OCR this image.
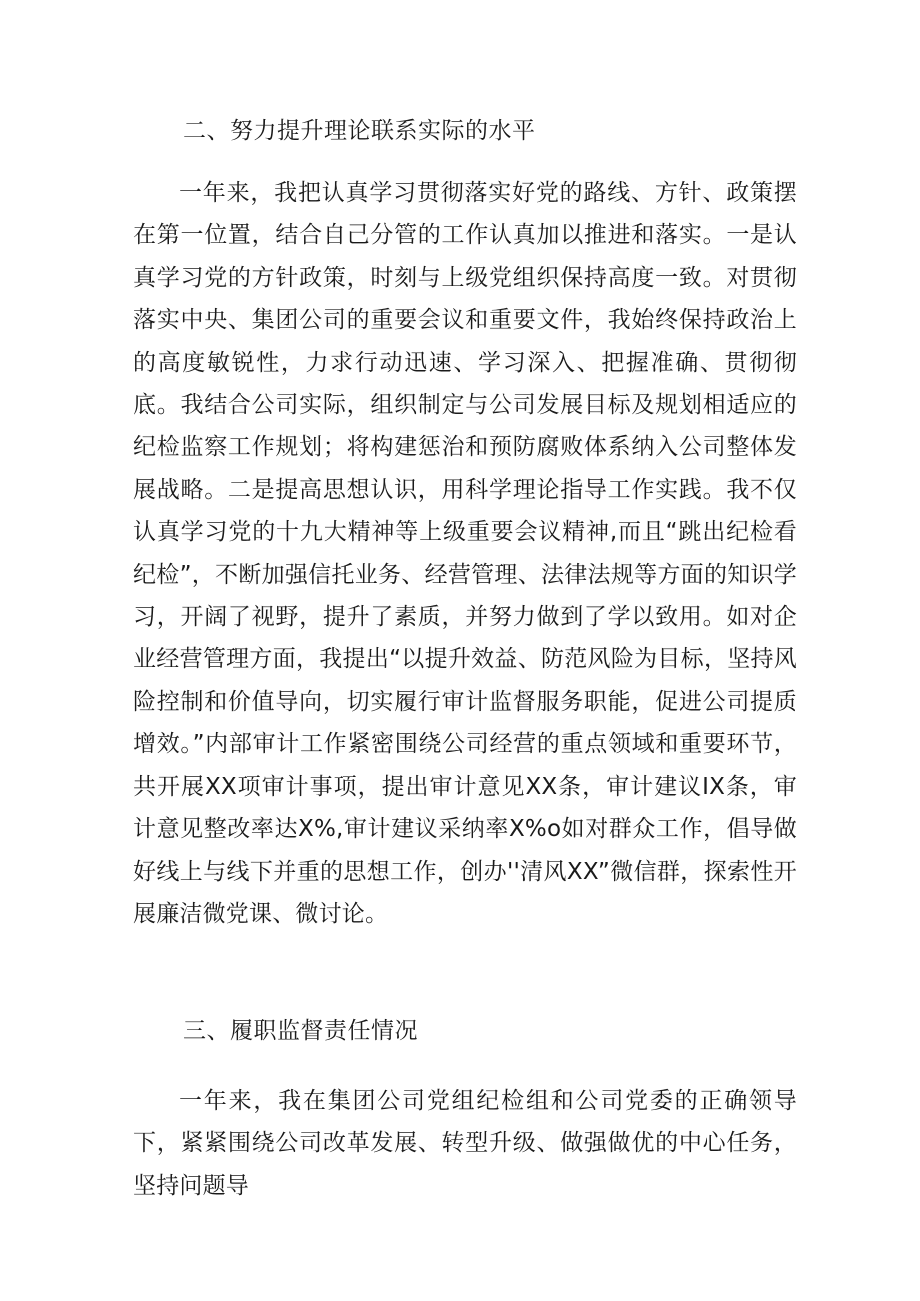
二、努力提升理论联系实际的水平

一年来，我把认真学习贯彻落实好党的路线、方针、政策摆在第一位置，结合自己分管的工作认真加以推进和落实。一是认真学习党的方针政策，时刻与上级党组织保持高度一致。对贯彻落实中央、集团公司的重要会议和重要文件，我始终保持政治上的高度敏锐性，力求行动迅速、学习深入、把握准确、贯彻彻底。我结合公司实际，组织制定与公司发展目标及规划相适应的纪检监察工作规划；将构建惩治和预防腐败体系纳入公司整体发展战略。二是提高思想认识，用科学理论指导工作实践。我不仅认真学习党的十九大精神等上级重要会议精神,而且“跳出纪检看纪检”，不断加强信托业务、经营管理、法律法规等方面的知识学习，开阔了视野，提升了素质，并努力做到了学以致用。如对企业经营管理方面，我提出“以提升效益、防范风险为目标，坚持风险控制和价值导向，切实履行审计监督服务职能，促进公司提质增效。”内部审计工作紧密围绕公司经营的重点领域和重要环节，共开展XX项审计事项，提出审计意见XX条，审计建议IX条，审计意见整改率达X%,审计建议采纳率X%o如对群众工作，倡导做好线上与线下并重的思想工作，创办''清风XX”微信群，探索性开展廉洁微党课、微讨论。

三、履职监督责任情况

一年来，我在集团公司党组纪检组和公司党委的正确领导下，紧紧围绕公司改革发展、转型升级、做强做优的中心任务，坚持问题导
